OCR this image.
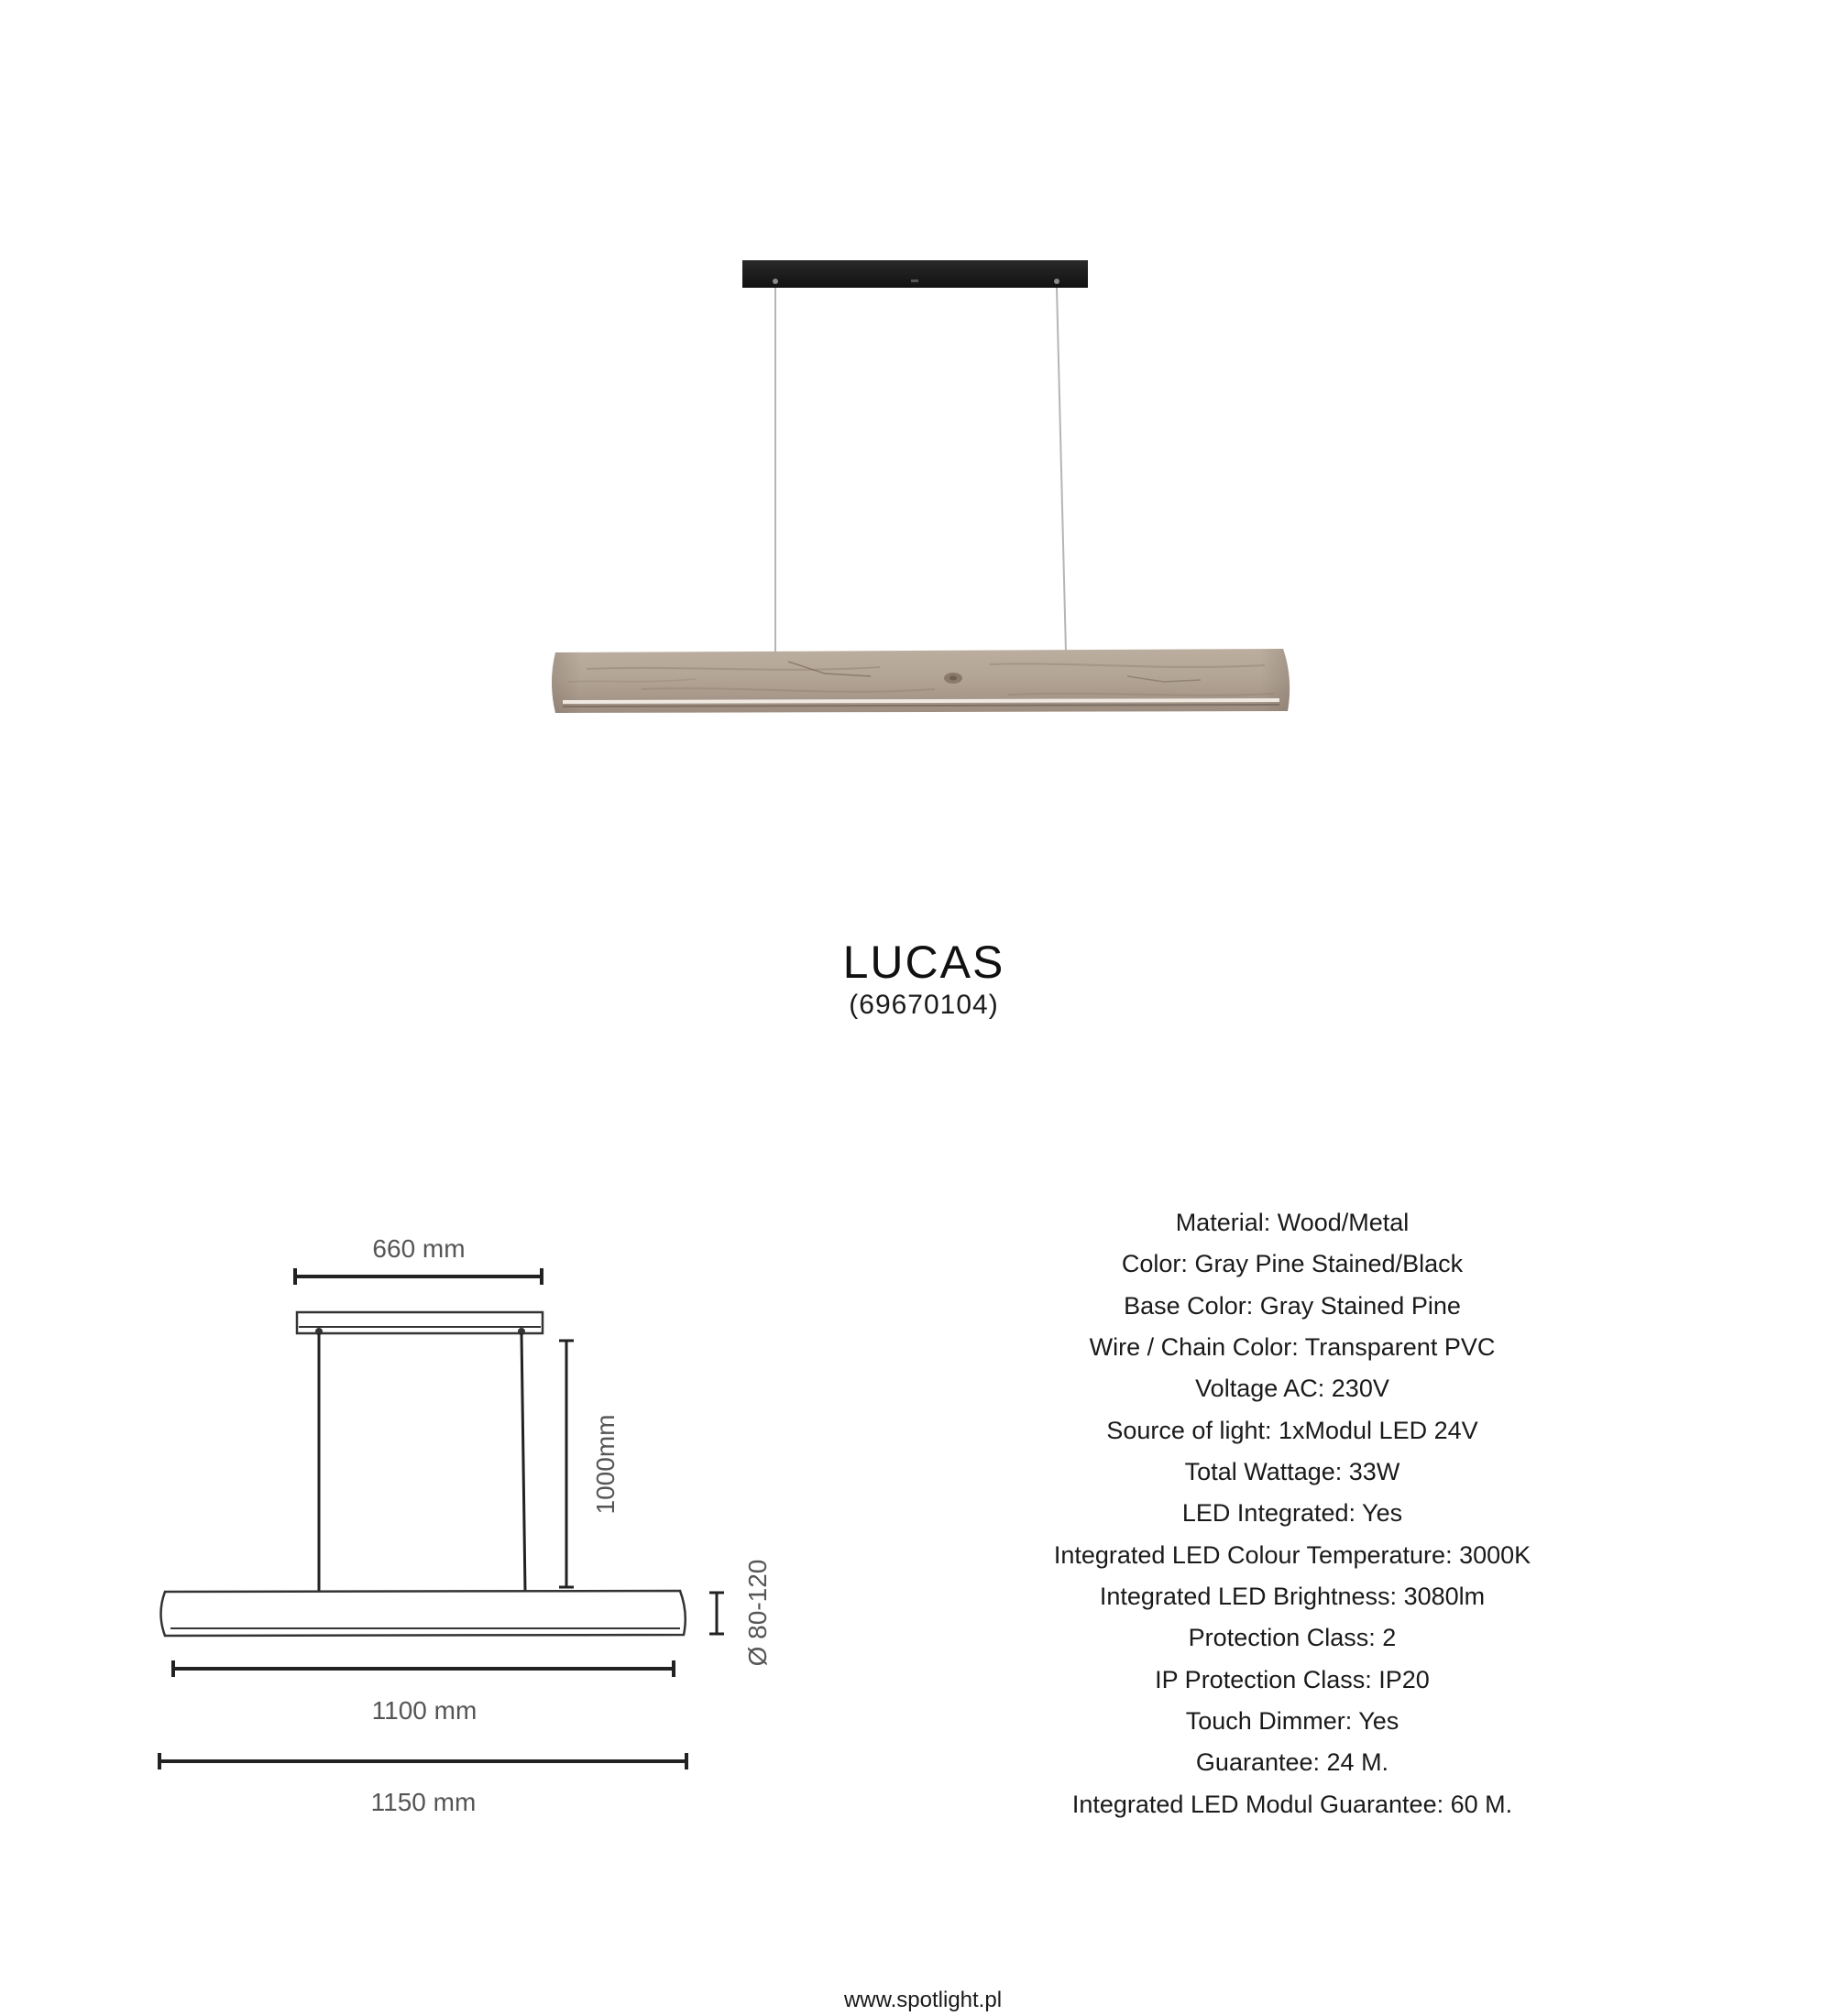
LUCAS
(69670104)
660 mm
1000mm
Ø 80-120
1100 mm
1150 mm
Material: Wood/Metal
Color: Gray Pine Stained/Black
Base Color: Gray Stained Pine
Wire / Chain Color: Transparent PVC
Voltage AC: 230V
Source of light: 1xModul LED 24V
Total Wattage: 33W
LED Integrated: Yes
Integrated LED Colour Temperature: 3000K
Integrated LED Brightness: 3080lm
Protection Class: 2
IP Protection Class: IP20
Touch Dimmer: Yes
Guarantee: 24 M.
Integrated LED Modul Guarantee: 60 M.
www.spotlight.pl
